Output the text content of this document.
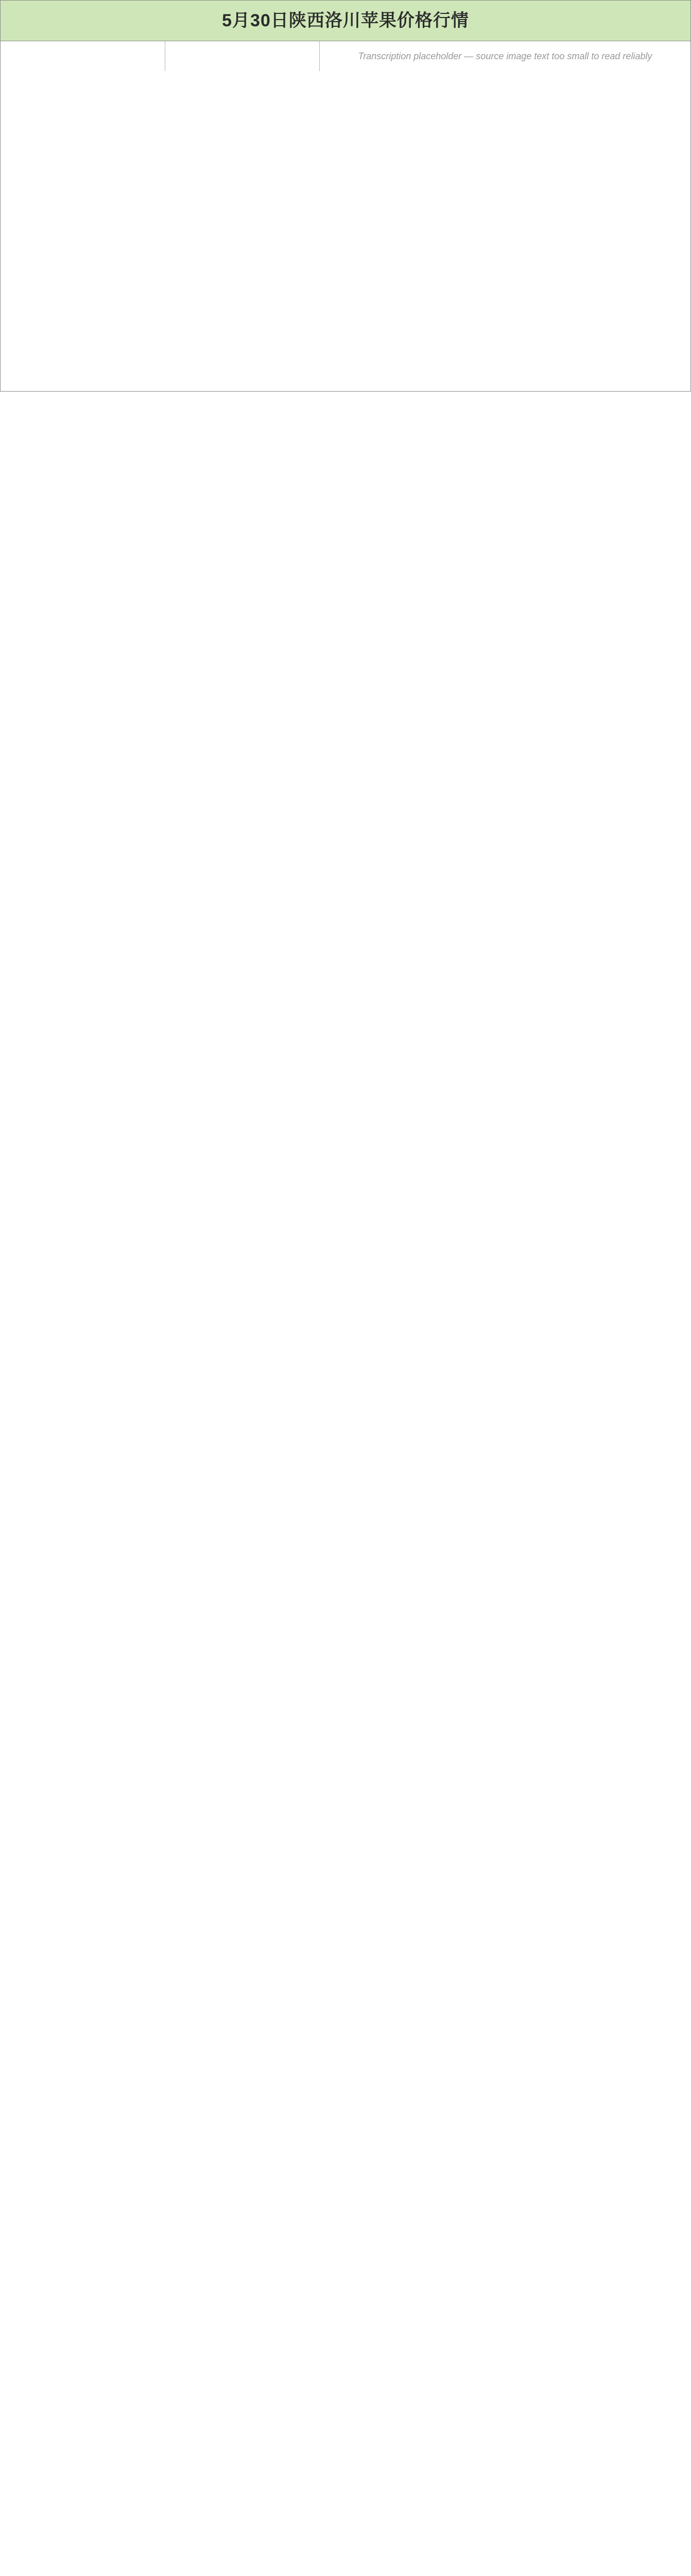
5月30日陕西洛川苹果价格行情
Transcription placeholder — source image text too small to read reliably
